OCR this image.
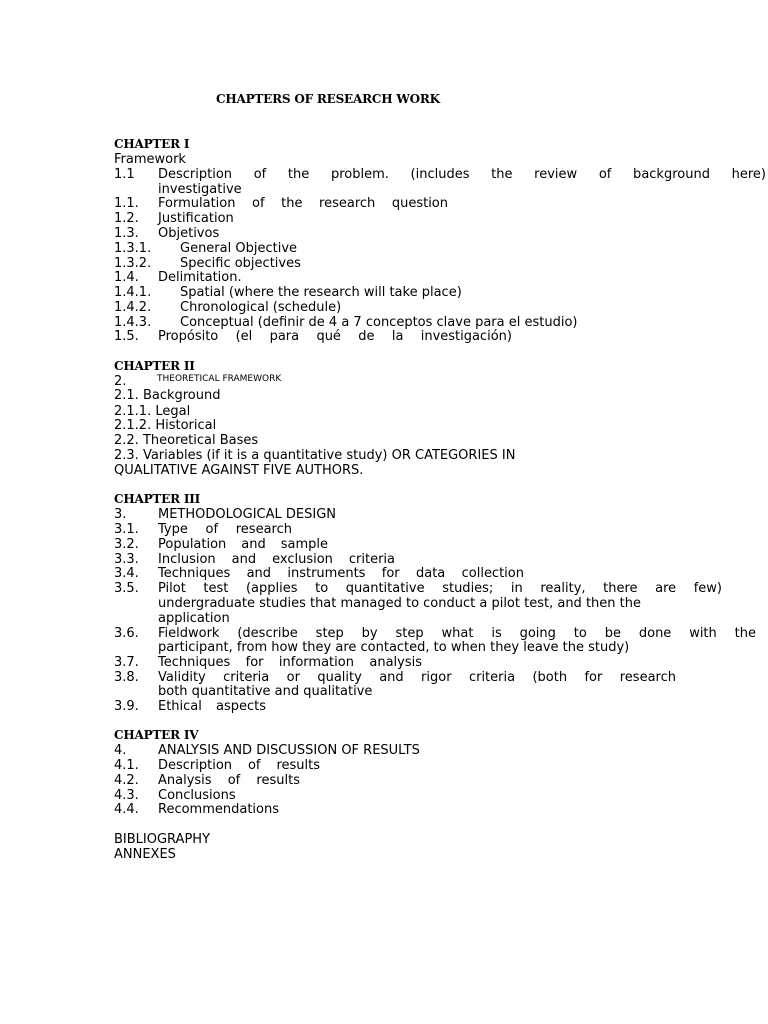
CHAPTERS OF RESEARCH WORK
CHAPTER I
Framework
1.1 Description of the problem. (includes the review of background here)
investigative
1.1. Formulation of the research question
1.2. Justification
1.3. Objetivos
1.3.1. General Objective
1.3.2. Specific objectives
1.4. Delimitation.
1.4.1. Spatial (where the research will take place)
1.4.2. Chronological (schedule)
1.4.3. Conceptual (definir de 4 a 7 conceptos clave para el estudio)
1.5. Propósito (el para qué de la investigación)
CHAPTER II
2.	THEORETICAL FRAMEWORK
2.1. Background
2.1.1. Legal
2.1.2. Historical
2.2. Theoretical Bases
2.3. Variables (if it is a quantitative study) OR CATEGORIES IN
QUALITATIVE AGAINST FIVE AUTHORS.
CHAPTER III
3. METHODOLOGICAL DESIGN
3.1. Type of research
3.2. Population and sample
3.3. Inclusion and exclusion criteria
3.4. Techniques and instruments for data collection
3.5. Pilot test (applies to quantitative studies; in reality, there are few)
undergraduate studies that managed to conduct a pilot test, and then the
application
3.6. Fieldwork (describe step by step what is going to be done with the
participant, from how they are contacted, to when they leave the study)
3.7. Techniques for information analysis
3.8. Validity criteria or quality and rigor criteria (both for research
both quantitative and qualitative
3.9. Ethical aspects
CHAPTER IV
4. ANALYSIS AND DISCUSSION OF RESULTS
4.1. Description of results
4.2. Analysis of results
4.3. Conclusions
4.4. Recommendations
BIBLIOGRAPHY
ANNEXES
